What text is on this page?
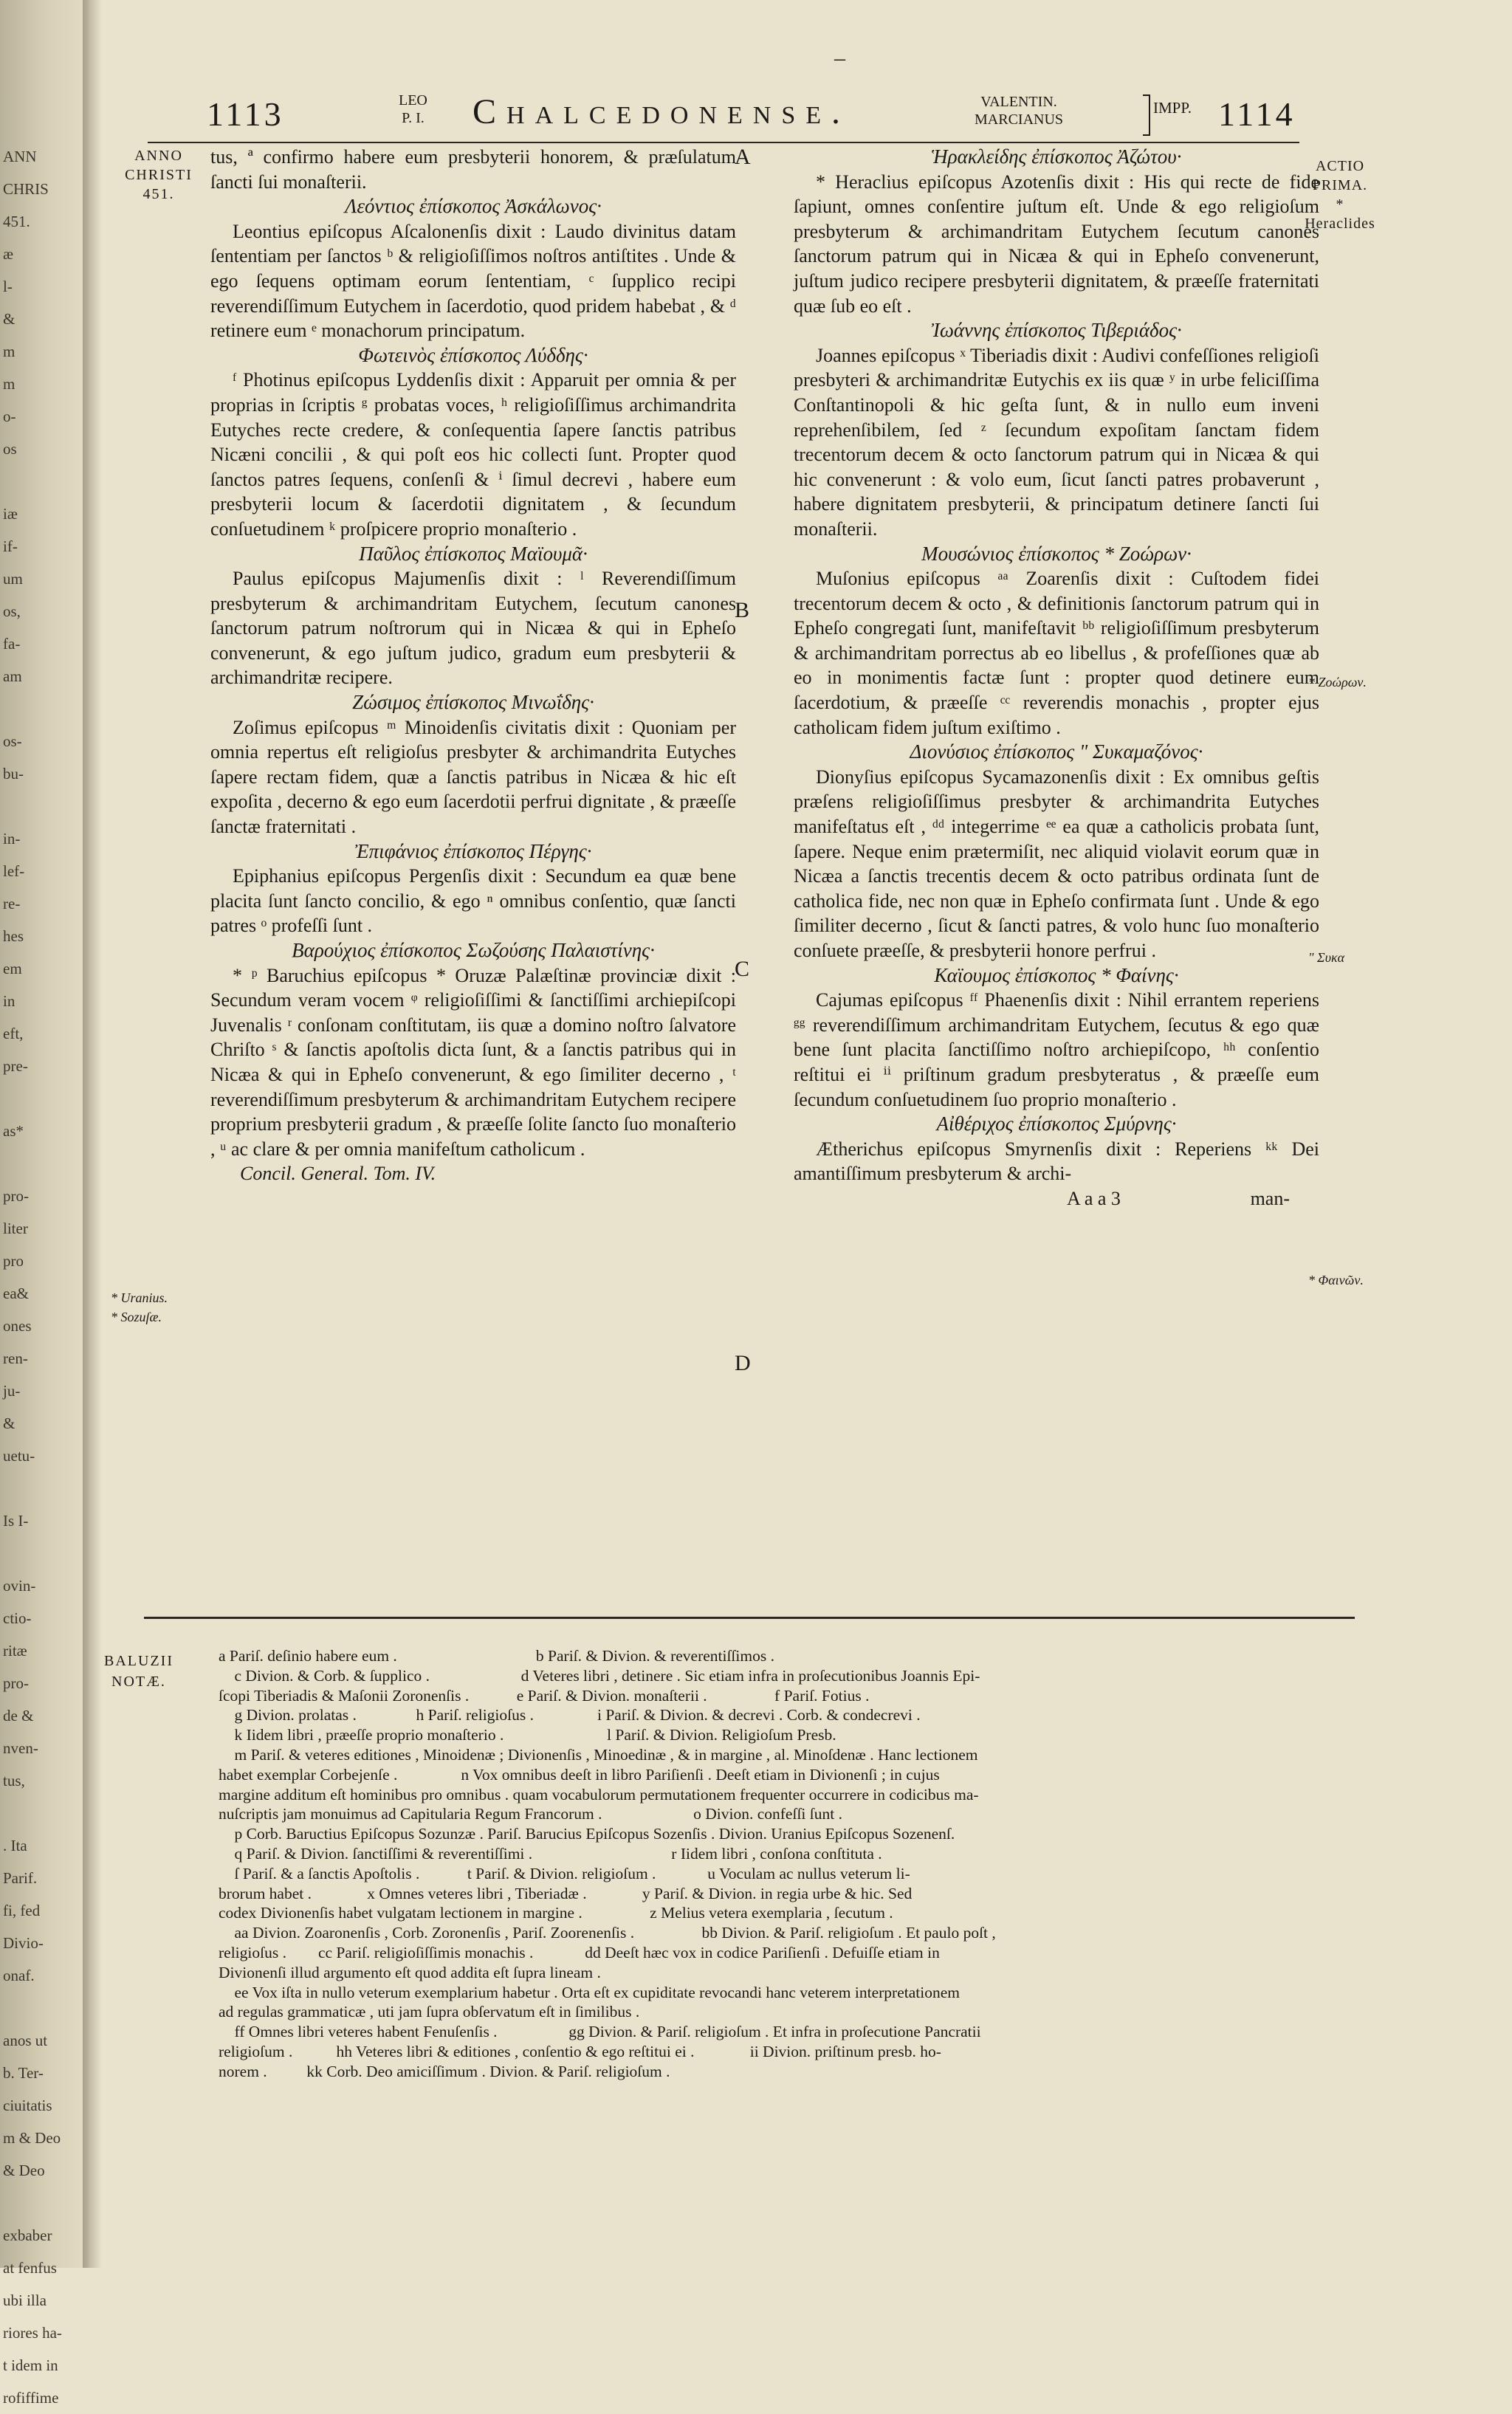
ANN
CHRIS
451.
æ
l-
&
m
m
o-
os

iæ
if-
um
os,
fa-
am

os-
bu-

in-
lef-
re-
hes
em
in
eft,
pre-

as*

pro-
liter
pro
ea&
ones
ren-
ju-
&
uetu-

Is I-

ovin-
ctio-
ritæ
pro-
de &
nven-
tus,

. Ita
Parif.
fi, fed
Divio-
onaf.

anos ut
b. Ter-
ciuitatis
m & Deo
& Deo

exbaber
at fenfus
ubi illa
riores ha-
t idem in
rofiffime
–
1113	LEO
P. I. Chalcedonense.	VALENTIN.
MARCIANUS
IMPP. 1114
ANNO
CHRISTI
451.
ACTIO
PRIMA.
* Heraclides

tus, ª confirmo habere eum presbyterii honorem, & præſulatum ſancti ſui monaſterii.

Λεόντιος ἐπίσκοπος Ἀσκάλωνος·

Leontius epiſcopus Aſcalonenſis dixit : Laudo divinitus datam ſententiam per ſanctos ᵇ & religioſiſſimos noſtros antiſtites . Unde & ego ſequens optimam eorum ſententiam, ᶜ ſupplico recipi reverendiſſimum Eutychem in ſacerdotio, quod pridem habebat , & ᵈ retinere eum ᵉ monachorum principatum.

Φωτεινὸς ἐπίσκοπος Λύδδης·

ᶠ Photinus epiſcopus Lyddenſis dixit : Apparuit per omnia & per proprias in ſcriptis ᵍ probatas voces, ʰ religioſiſſimus archimandrita Eutyches recte credere, & conſequentia ſapere ſanctis patribus Nicæni concilii , & qui poſt eos hic collecti ſunt. Propter quod ſanctos patres ſequens, conſenſi & ⁱ ſimul decrevi , habere eum presbyterii locum & ſacerdotii dignitatem , & ſecundum conſuetudinem ᵏ proſpicere proprio monaſterio .

Παῦλος ἐπίσκοπος Μαϊουμᾶ·

Paulus epiſcopus Majumenſis dixit : ˡ Reverendiſſimum presbyterum & archimandritam Eutychem, ſecutum canones ſanctorum patrum noſtrorum qui in Nicæa & qui in Epheſo convenerunt, & ego juſtum judico, gradum eum presbyterii & archimandritæ recipere.

Ζώσιμος ἐπίσκοπος Μινωΐδης·

Zoſimus epiſcopus ᵐ Minoidenſis civitatis dixit : Quoniam per omnia repertus eſt religioſus presbyter & archimandrita Eutyches ſapere rectam fidem, quæ a ſanctis patribus in Nicæa & hic eſt expoſita , decerno & ego eum ſacerdotii perfrui dignitate , & præeſſe ſanctæ fraternitati .

Ἐπιφάνιος ἐπίσκοπος Πέργης·

Epiphanius epiſcopus Pergenſis dixit : Secundum ea quæ bene placita ſunt ſancto concilio, & ego ⁿ omnibus conſentio, quæ ſancti patres ᵒ profeſſi ſunt .

Βαρούχιος ἐπίσκοπος Σωζούσης Παλαιστίνης·

* ᵖ Baruchius epiſcopus * Oruzæ Palæſtinæ provinciæ dixit : Secundum veram vocem ᵠ religioſiſſimi & ſanctiſſimi archiepiſcopi Juvenalis ʳ conſonam conſtitutam, iis quæ a domino noſtro ſalvatore Chriſto ˢ & ſanctis apoſtolis dicta ſunt, & a ſanctis patribus qui in Nicæa & qui in Epheſo convenerunt, & ego ſimiliter decerno , ᵗ reverendiſſimum presbyterum & archimandritam Eutychem recipere proprium presbyterii gradum , & præeſſe ſolite ſancto ſuo monaſterio , ᵘ ac clare & per omnia manifeſtum catholicum .

Concil. General. Tom. IV.

Ἡρακλείδης ἐπίσκοπος Ἀζώτου·

* Heraclius epiſcopus Azotenſis dixit : His qui recte de fide ſapiunt, omnes conſentire juſtum eſt. Unde & ego religioſum presbyterum & archimandritam Eutychem ſecutum canones ſanctorum patrum qui in Nicæa & qui in Epheſo convenerunt, juſtum judico recipere presbyterii dignitatem, & præeſſe fraternitati quæ ſub eo eſt .

Ἰωάννης ἐπίσκοπος Τιβεριάδος·

Joannes epiſcopus ˣ Tiberiadis dixit : Audivi confeſſiones religioſi presbyteri & archimandritæ Eutychis ex iis quæ ʸ in urbe feliciſſima Conſtantinopoli & hic geſta ſunt, & in nullo eum inveni reprehenſibilem, ſed ᶻ ſecundum expoſitam ſanctam fidem trecentorum decem & octo ſanctorum patrum qui in Nicæa & qui hic convenerunt : & volo eum, ſicut ſancti patres probaverunt , habere dignitatem presbyterii, & principatum detinere ſancti ſui monaſterii.

Μουσώνιος ἐπίσκοπος * Ζοώρων·

Muſonius epiſcopus ᵃᵃ Zoarenſis dixit : Cuſtodem fidei trecentorum decem & octo , & definitionis ſanctorum patrum qui in Epheſo congregati ſunt, manifeſtavit ᵇᵇ religioſiſſimum presbyterum & archimandritam porrectus ab eo libellus , & profeſſiones quæ ab eo in monimentis factæ ſunt : propter quod detinere eum ſacerdotium, & præeſſe ᶜᶜ reverendis monachis , propter ejus catholicam fidem juſtum exiſtimo .

Διονύσιος ἐπίσκοπος " Συκαμαζόνος·

Dionyſius epiſcopus Sycamazonenſis dixit : Ex omnibus geſtis præſens religioſiſſimus presbyter & archimandrita Eutyches manifeſtatus eſt , ᵈᵈ integerrime ᵉᵉ ea quæ a catholicis probata ſunt, ſapere. Neque enim prætermiſit, nec aliquid violavit eorum quæ in Nicæa a ſanctis trecentis decem & octo patribus ordinata ſunt de catholica fide, nec non quæ in Epheſo confirmata ſunt . Unde & ego ſimiliter decerno , ſicut & ſancti patres, & volo hunc ſuo monaſterio conſuete præeſſe, & presbyterii honore perfrui .

Καϊουμος ἐπίσκοπος * Φαίνης·

Cajumas epiſcopus ᶠᶠ Phaenenſis dixit : Nihil errantem reperiens ᵍᵍ reverendiſſimum archimandritam Eutychem, ſecutus & ego quæ bene ſunt placita ſanctiſſimo noſtro archiepiſcopo, ʰʰ conſentio reſtitui ei ⁱⁱ priſtinum gradum presbyteratus , & præeſſe eum ſecundum conſuetudinem ſuo proprio monaſterio .

Αἰθέριχος ἐπίσκοπος Σμύρνης·

Ætherichus epiſcopus Smyrnenſis dixit : Reperiens ᵏᵏ Dei amantiſſimum presbyterum & archi-

A a a 3	man-

A
B
C
D
* Uranius.
* Sozuſæ.
* Ζοώρων.
" Συκα
* Φαινῶν.
BALUZII
NOTÆ.

a Pariſ. deſinio habere eum .                                   b Pariſ. & Divion. & reverentiſſimos .

c Divion. & Corb. & ſupplico .                       d Veteres libri , detinere . Sic etiam infra in proſecutionibus Joannis Epi-

ſcopi Tiberiadis & Maſonii Zoronenſis .            e Pariſ. & Divion. monaſterii .                 f Pariſ. Fotius .

g Divion. prolatas .               h Pariſ. religioſus .                i Pariſ. & Divion. & decrevi . Corb. & condecrevi .

k Iidem libri , præeſſe proprio monaſterio .                          l Pariſ. & Divion. Religioſum Presb.

m Pariſ. & veteres editiones , Minoidenæ ; Divionenſis , Minoedinæ , & in margine , al. Minoſdenæ . Hanc lectionem

habet exemplar Corbejenſe .                n Vox omnibus deeſt in libro Pariſienſi . Deeſt etiam in Divionenſi ; in cujus

margine additum eſt hominibus pro omnibus . quam vocabulorum permutationem frequenter occurrere in codicibus ma-

nuſcriptis jam monuimus ad Capitularia Regum Francorum .                       o Divion. confeſſi ſunt .

p Corb. Baructius Epiſcopus Sozunzæ . Pariſ. Barucius Epiſcopus Sozenſis . Divion. Uranius Epiſcopus Sozenenſ.

q Pariſ. & Divion. ſanctiſſimi & reverentiſſimi .                                   r Iidem libri , conſona conſtituta .

ſ Pariſ. & a ſanctis Apoſtolis .            t Pariſ. & Divion. religioſum .             u Voculam ac nullus veterum li-

brorum habet .              x Omnes veteres libri , Tiberiadæ .              y Pariſ. & Divion. in regia urbe & hic. Sed

codex Divionenſis habet vulgatam lectionem in margine .                 z Melius vetera exemplaria , ſecutum .

aa Divion. Zoaronenſis , Corb. Zoronenſis , Pariſ. Zoorenenſis .                 bb Divion. & Pariſ. religioſum . Et paulo poſt ,

religioſus .        cc Pariſ. religioſiſſimis monachis .             dd Deeſt hæc vox in codice Pariſienſi . Defuiſſe etiam in

Divionenſi illud argumento eſt quod addita eſt ſupra lineam .

ee Vox iſta in nullo veterum exemplarium habetur . Orta eſt ex cupiditate revocandi hanc veterem interpretationem

ad regulas grammaticæ , uti jam ſupra obſervatum eſt in ſimilibus .

ff Omnes libri veteres habent Fenuſenſis .                  gg Divion. & Pariſ. religioſum . Et infra in proſecutione Pancratii

religioſum .           hh Veteres libri & editiones , conſentio & ego reſtitui ei .              ii Divion. priſtinum presb. ho-

norem .          kk Corb. Deo amiciſſimum . Divion. & Pariſ. religioſum .
